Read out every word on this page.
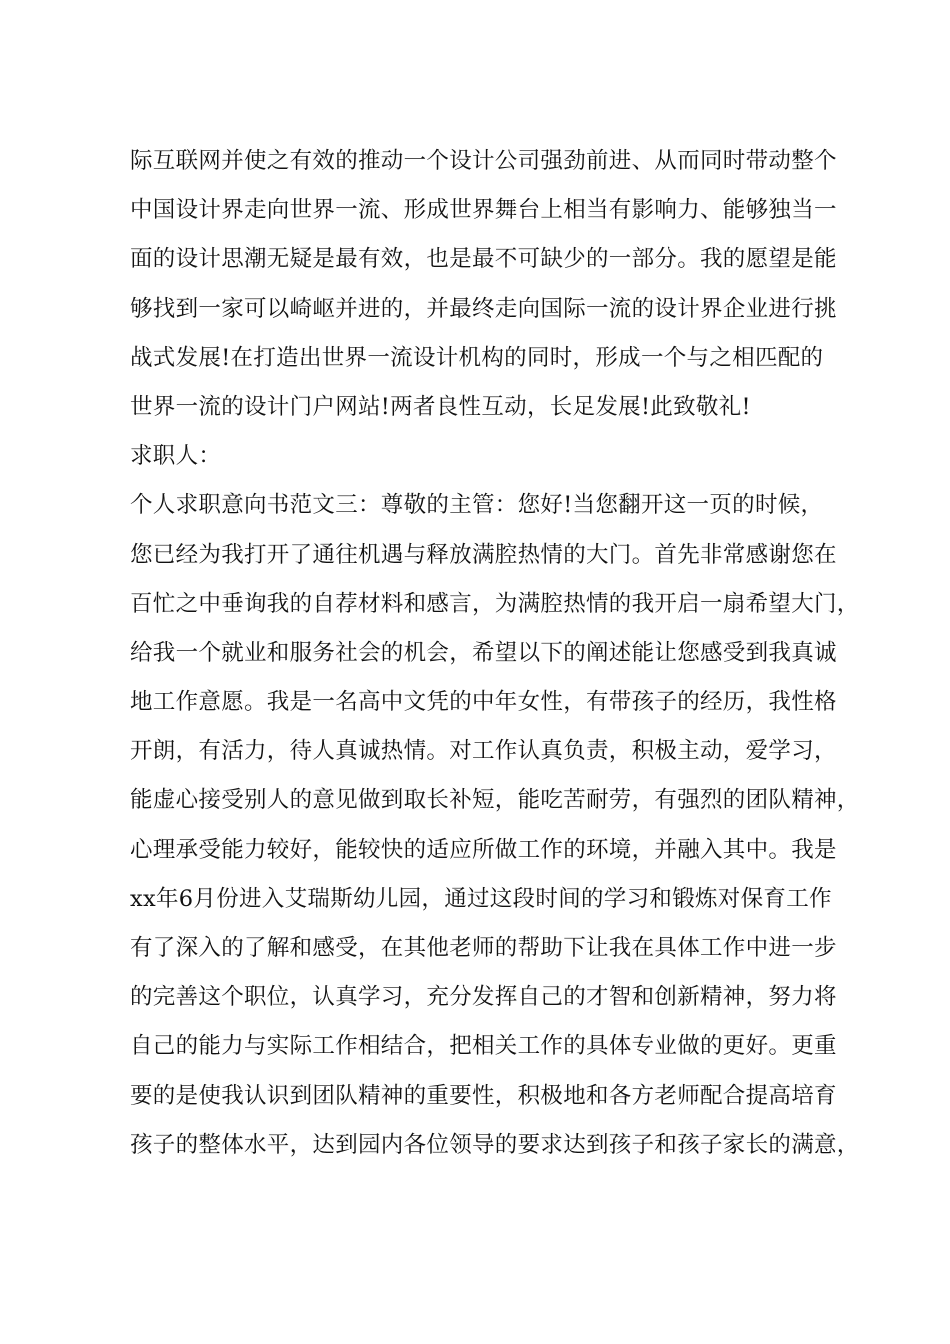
际互联网并使之有效的推动一个设计公司强劲前进、从而同时带动整个
中国设计界走向世界一流、形成世界舞台上相当有影响力、能够独当一
面的设计思潮无疑是最有效，也是最不可缺少的一部分。我的愿望是能
够找到一家可以崎岖并进的，并最终走向国际一流的设计界企业进行挑
战式发展!在打造出世界一流设计机构的同时，形成一个与之相匹配的
世界一流的设计门户网站!两者良性互动，长足发展!此致敬礼!
求职人：
个人求职意向书范文三：尊敬的主管：您好!当您翻开这一页的时候，
您已经为我打开了通往机遇与释放满腔热情的大门。首先非常感谢您在
百忙之中垂询我的自荐材料和感言，为满腔热情的我开启一扇希望大门，
给我一个就业和服务社会的机会，希望以下的阐述能让您感受到我真诚
地工作意愿。我是一名高中文凭的中年女性，有带孩子的经历，我性格
开朗，有活力，待人真诚热情。对工作认真负责，积极主动，爱学习，
能虚心接受别人的意见做到取长补短，能吃苦耐劳，有强烈的团队精神，
心理承受能力较好，能较快的适应所做工作的环境，并融入其中。我是
xx年6月份进入艾瑞斯幼儿园，通过这段时间的学习和锻炼对保育工作
有了深入的了解和感受，在其他老师的帮助下让我在具体工作中进一步
的完善这个职位，认真学习，充分发挥自己的才智和创新精神，努力将
自己的能力与实际工作相结合，把相关工作的具体专业做的更好。更重
要的是使我认识到团队精神的重要性，积极地和各方老师配合提高培育
孩子的整体水平，达到园内各位领导的要求达到孩子和孩子家长的满意，
